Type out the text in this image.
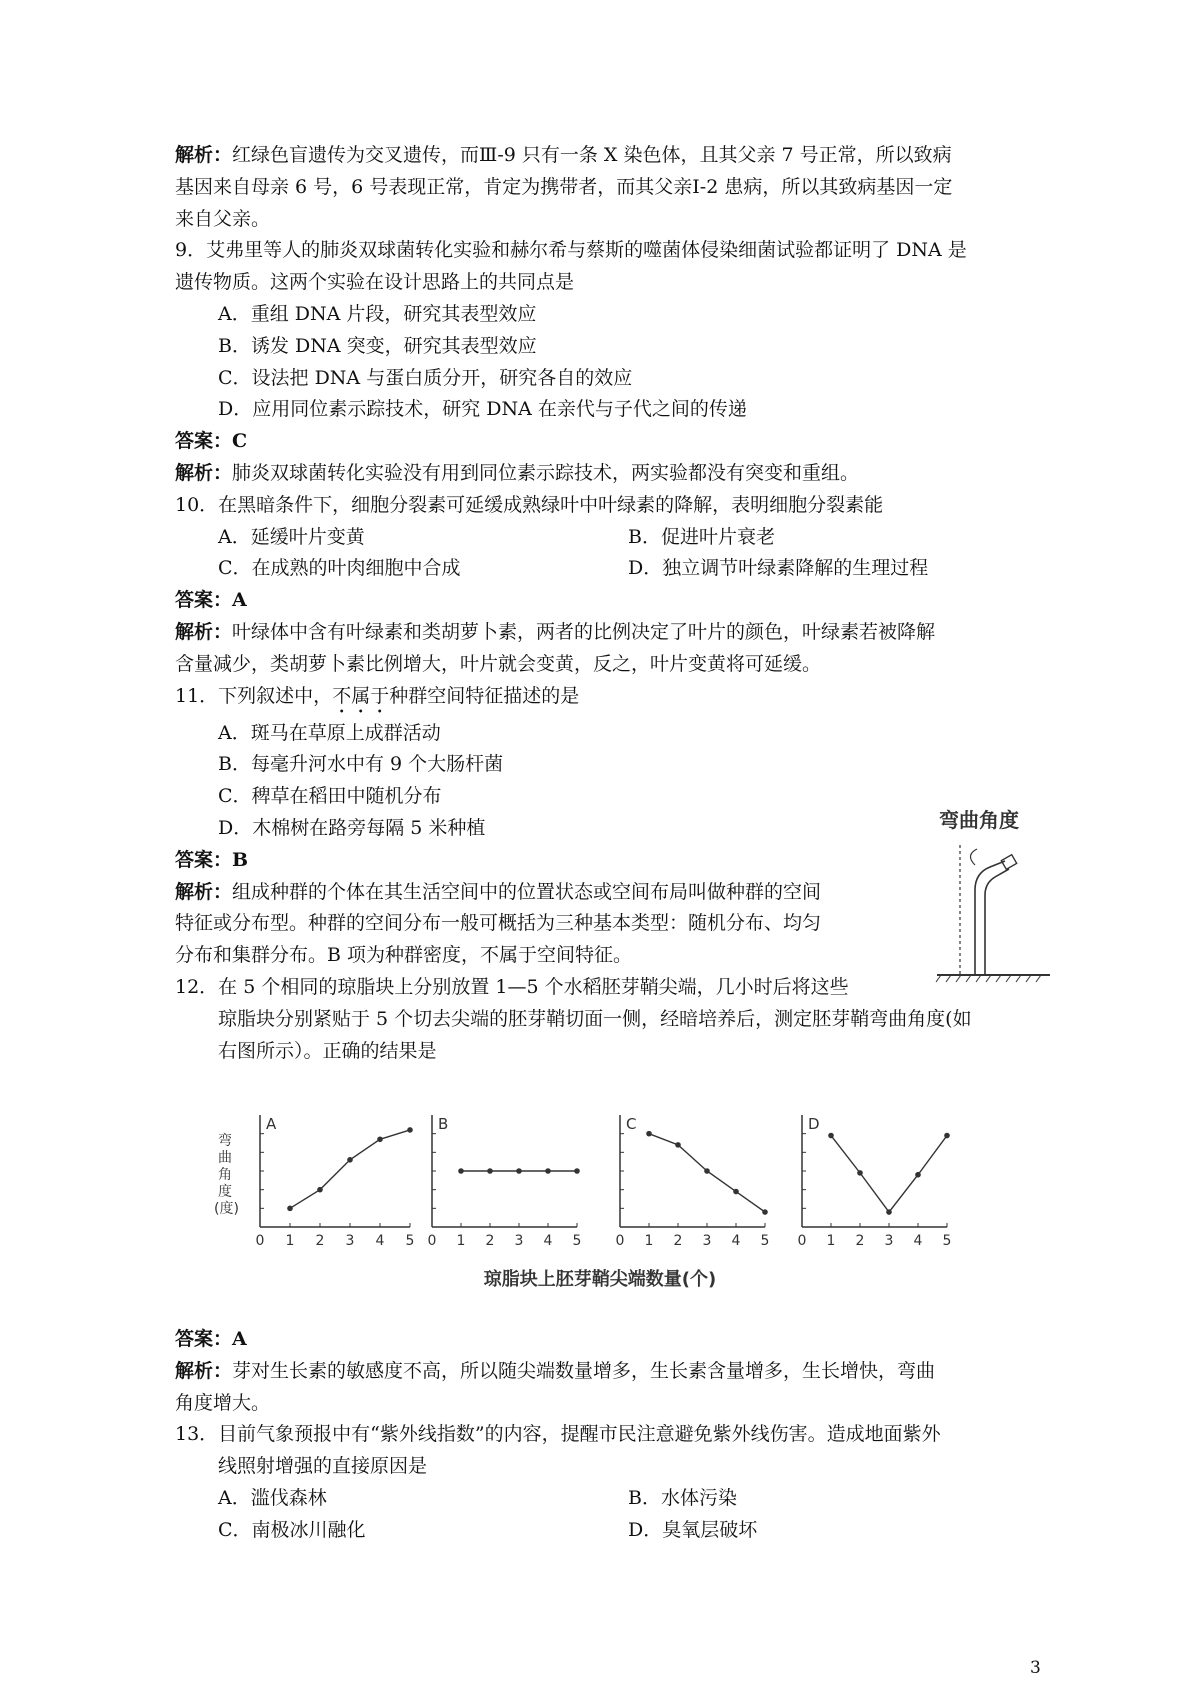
解析：红绿色盲遗传为交叉遗传，而Ⅲ-9 只有一条 X 染色体，且其父亲 7 号正常，所以致病
基因来自母亲 6 号，6 号表现正常，肯定为携带者，而其父亲Ⅰ-2 患病，所以其致病基因一定
来自父亲。
9．艾弗里等人的肺炎双球菌转化实验和赫尔希与蔡斯的噬菌体侵染细菌试验都证明了 DNA 是
遗传物质。这两个实验在设计思路上的共同点是
A．重组 DNA 片段，研究其表型效应
B．诱发 DNA 突变，研究其表型效应
C．设法把 DNA 与蛋白质分开，研究各自的效应
D．应用同位素示踪技术，研究 DNA 在亲代与子代之间的传递
答案：C
解析：肺炎双球菌转化实验没有用到同位素示踪技术，两实验都没有突变和重组。
10．在黑暗条件下，细胞分裂素可延缓成熟绿叶中叶绿素的降解，表明细胞分裂素能
A．延缓叶片变黄	B．促进叶片衰老
C．在成熟的叶肉细胞中合成	D．独立调节叶绿素降解的生理过程
答案：A
解析：叶绿体中含有叶绿素和类胡萝卜素，两者的比例决定了叶片的颜色，叶绿素若被降解
含量减少，类胡萝卜素比例增大，叶片就会变黄，反之，叶片变黄将可延缓。
11．下列叙述中，不属于种群空间特征描述的是
A．斑马在草原上成群活动
B．每毫升河水中有 9 个大肠杆菌
C．稗草在稻田中随机分布
D．木棉树在路旁每隔 5 米种植
答案：B
解析：组成种群的个体在其生活空间中的位置状态或空间布局叫做种群的空间
特征或分布型。种群的空间分布一般可概括为三种基本类型：随机分布、均匀
分布和集群分布。B 项为种群密度，不属于空间特征。
12．在 5 个相同的琼脂块上分别放置 1—5 个水稻胚芽鞘尖端，几小时后将这些
琼脂块分别紧贴于 5 个切去尖端的胚芽鞘切面一侧，经暗培养后，测定胚芽鞘弯曲角度(如
右图所示）。正确的结果是
弯曲角度
弯曲角度(度)
0 1 2 3 4 5
A
0 1 2 3 4 5
B
0 1 2 3 4 5
C
0 1 2 3 4 5
D
琼脂块上胚芽鞘尖端数量(个)
3
答案：A
解析：芽对生长素的敏感度不高，所以随尖端数量增多，生长素含量增多，生长增快，弯曲
角度增大。
13．目前气象预报中有“紫外线指数”的内容，提醒市民注意避免紫外线伤害。造成地面紫外
线照射增强的直接原因是
A．滥伐森林	B．水体污染
C．南极冰川融化	D．臭氧层破坏
